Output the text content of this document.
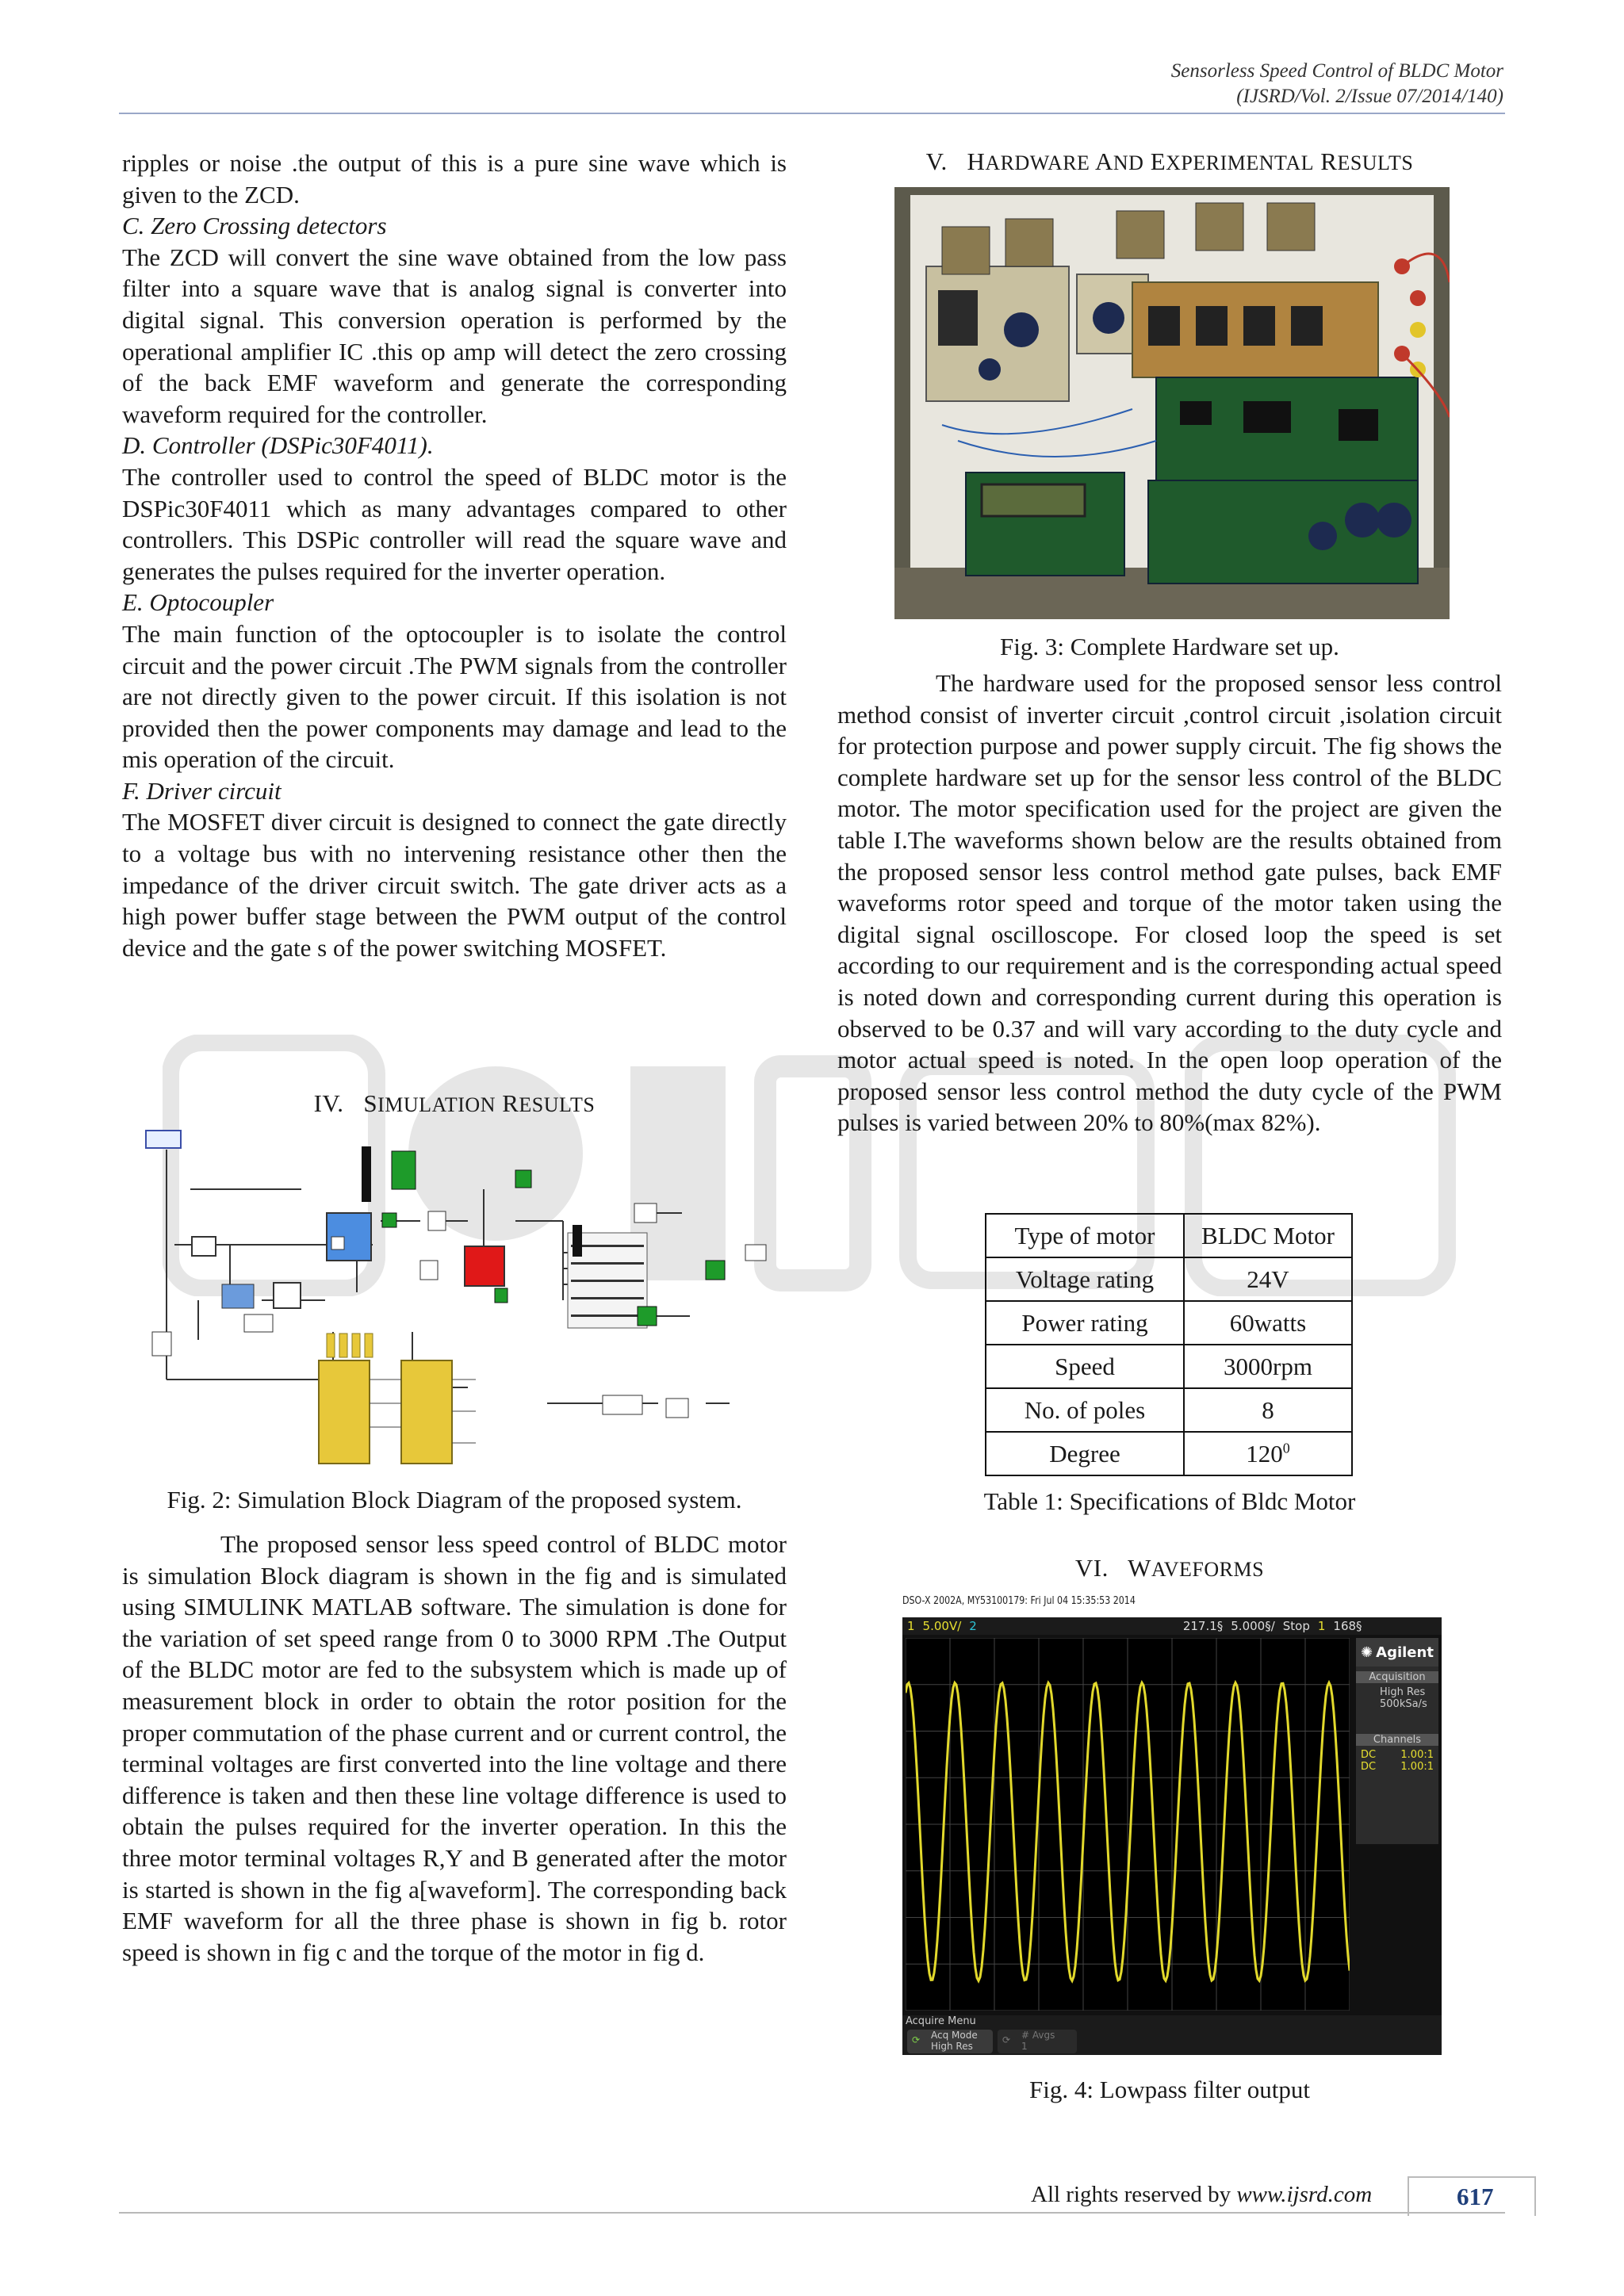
Sensorless Speed Control of BLDC Motor
(IJSRD/Vol. 2/Issue 07/2014/140)

ripples or noise .the output of this is a pure sine wave which is given to the ZCD.

C. Zero Crossing detectors

The ZCD will convert the sine wave obtained from the low pass filter into a square wave that is analog signal is converter into digital signal. This conversion operation is performed by the operational amplifier IC .this op amp will detect the zero crossing of the back EMF waveform and generate the corresponding waveform required for the controller.

D. Controller (DSPic30F4011).

The controller used to control the speed of BLDC motor is the DSPic30F4011 which as many advantages compared to other controllers. This DSPic controller will read the square wave and generates the pulses required for the inverter operation.

E. Optocoupler

The main function of the optocoupler is to isolate the control circuit and the power circuit .The PWM signals from the controller are not directly given to the power circuit. If this isolation is not provided then the power components may damage and lead to the mis operation of the circuit.

F. Driver circuit

The MOSFET diver circuit is designed to connect the gate directly to a voltage bus with no intervening resistance other then the impedance of the driver circuit switch. The gate driver acts as a high power buffer stage between the PWM output of the control device and the gate s of the power switching MOSFET.

IV. SIMULATION RESULTS
Fig. 2: Simulation Block Diagram of the proposed system.

The proposed sensor less speed control of BLDC motor is simulation Block diagram is shown in the fig and is simulated using SIMULINK MATLAB software. The simulation is done for the variation of set speed range from 0 to 3000 RPM .The Output of the BLDC motor are fed to the subsystem which is made up of measurement block in order to obtain the rotor position for the proper commutation of the phase current and or current control, the terminal voltages are first converted into the line voltage and there difference is taken and then these line voltage difference is used to obtain the pulses required for the inverter operation. In this the three motor terminal voltages R,Y and B generated after the motor is started is shown in the fig a[waveform]. The corresponding back EMF waveform for all the three phase is shown in fig b. rotor speed is shown in fig c and the torque of the motor in fig d.

V. HARDWARE AND EXPERIMENTAL RESULTS
Fig. 3: Complete Hardware set up.

The hardware used for the proposed sensor less control method consist of inverter circuit ,control circuit ,isolation circuit for protection purpose and power supply circuit. The fig shows the complete hardware set up for the sensor less control of the BLDC motor. The motor specification used for the project are given the table I.The waveforms shown below are the results obtained from the proposed sensor less control method gate pulses, back EMF waveforms rotor speed and torque of the motor taken using the digital signal oscilloscope. For closed loop the speed is set according to our requirement and is the corresponding actual speed is noted down and corresponding current during this operation is observed to be 0.37 and will vary according to the duty cycle and motor actual speed is noted. In the open loop operation of the proposed sensor less control method the duty cycle of the PWM pulses is varied between 20% to 80%(max 82%).

Type of motor	BLDC Motor
Voltage rating	24V
Power rating	60watts
Speed	3000rpm
No. of poles	8
Degree	$120^0$
Table 1: Specifications of Bldc Motor
VI. WAVEFORMS
DSO-X 2002A, MY53100179: Fri Jul 04 15:35:53 2014
1 5.00V/ 2	217.1§ 5.000§/ Stop 1 168§
✺ Agilent
Acquisition
High Res
500kSa/s
Channels
DC 1.00:1
DC 1.00:1
Acquire Menu
⟳ Acq Mode
High Res
⟳ # Avgs
1
Fig. 4: Lowpass filter output
All rights reserved by www.ijsrd.com	617
